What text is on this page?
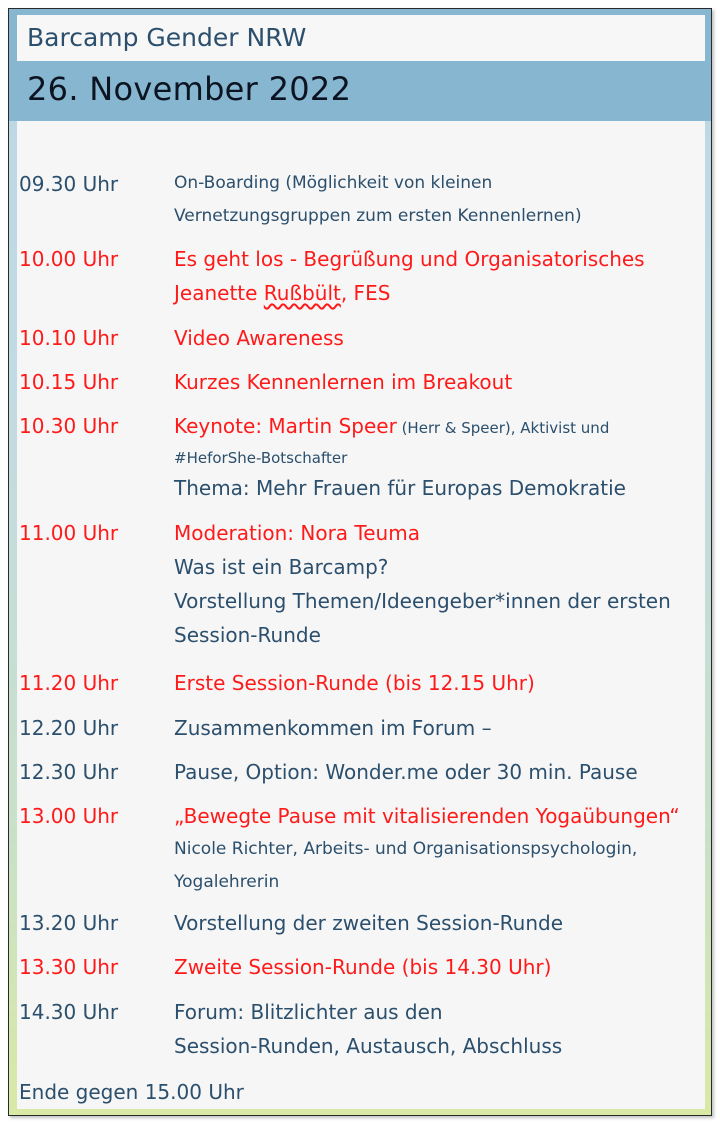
Barcamp Gender NRW
26. November 2022
09.30 Uhr	On-Boarding (Möglichkeit von kleinen
Vernetzungsgruppen zum ersten Kennenlernen)
10.00 Uhr	Es geht los - Begrüßung und Organisatorisches
Jeanette Rußbült, FES
10.10 Uhr	Video Awareness
10.15 Uhr	Kurzes Kennenlernen im Breakout
10.30 Uhr	Keynote: Martin Speer (Herr & Speer), Aktivist und
#HeforShe-Botschafter
Thema: Mehr Frauen für Europas Demokratie
11.00 Uhr	Moderation: Nora Teuma
Was ist ein Barcamp?
Vorstellung Themen/Ideengeber*innen der ersten
Session-Runde
11.20 Uhr	Erste Session-Runde (bis 12.15 Uhr)
12.20 Uhr	Zusammenkommen im Forum –
12.30 Uhr	Pause, Option: Wonder.me oder 30 min. Pause
13.00 Uhr	„Bewegte Pause mit vitalisierenden Yogaübungen“
Nicole Richter, Arbeits- und Organisationspsychologin,
Yogalehrerin
13.20 Uhr	Vorstellung der zweiten Session-Runde
13.30 Uhr	Zweite Session-Runde (bis 14.30 Uhr)
14.30 Uhr	Forum: Blitzlichter aus den
Session-Runden, Austausch, Abschluss
Ende gegen 15.00 Uhr
